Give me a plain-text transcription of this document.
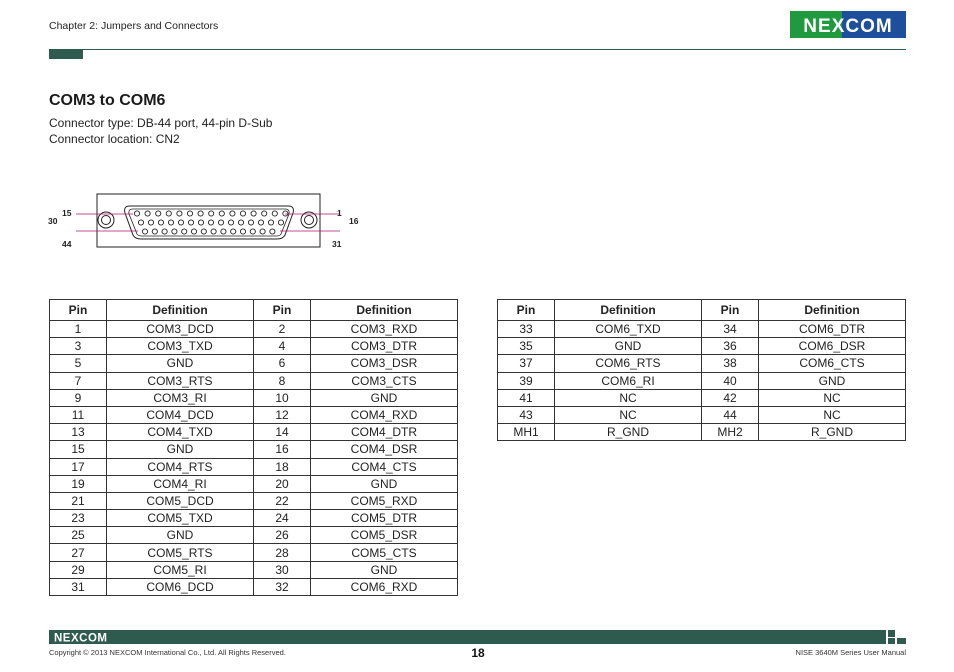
Chapter 2: Jumpers and Connectors	NEXCOM
COM3 to COM6
Connector type: DB-44 port, 44-pin D-Sub
Connector location: CN2
15	1
30	16
44	31
Pin	Definition	Pin	Definition
1	COM3_DCD	2	COM3_RXD
3	COM3_TXD	4	COM3_DTR
5	GND	6	COM3_DSR
7	COM3_RTS	8	COM3_CTS
9	COM3_RI	10	GND
11	COM4_DCD	12	COM4_RXD
13	COM4_TXD	14	COM4_DTR
15	GND	16	COM4_DSR
17	COM4_RTS	18	COM4_CTS
19	COM4_RI	20	GND
21	COM5_DCD	22	COM5_RXD
23	COM5_TXD	24	COM5_DTR
25	GND	26	COM5_DSR
27	COM5_RTS	28	COM5_CTS
29	COM5_RI	30	GND
31	COM6_DCD	32	COM6_RXD
Pin	Definition	Pin	Definition
33	COM6_TXD	34	COM6_DTR
35	GND	36	COM6_DSR
37	COM6_RTS	38	COM6_CTS
39	COM6_RI	40	GND
41	NC	42	NC
43	NC	44	NC
MH1	R_GND	MH2	R_GND
NEXCOM
Copyright © 2013 NEXCOM International Co., Ltd. All Rights Reserved.	18	NISE 3640M Series User Manual
